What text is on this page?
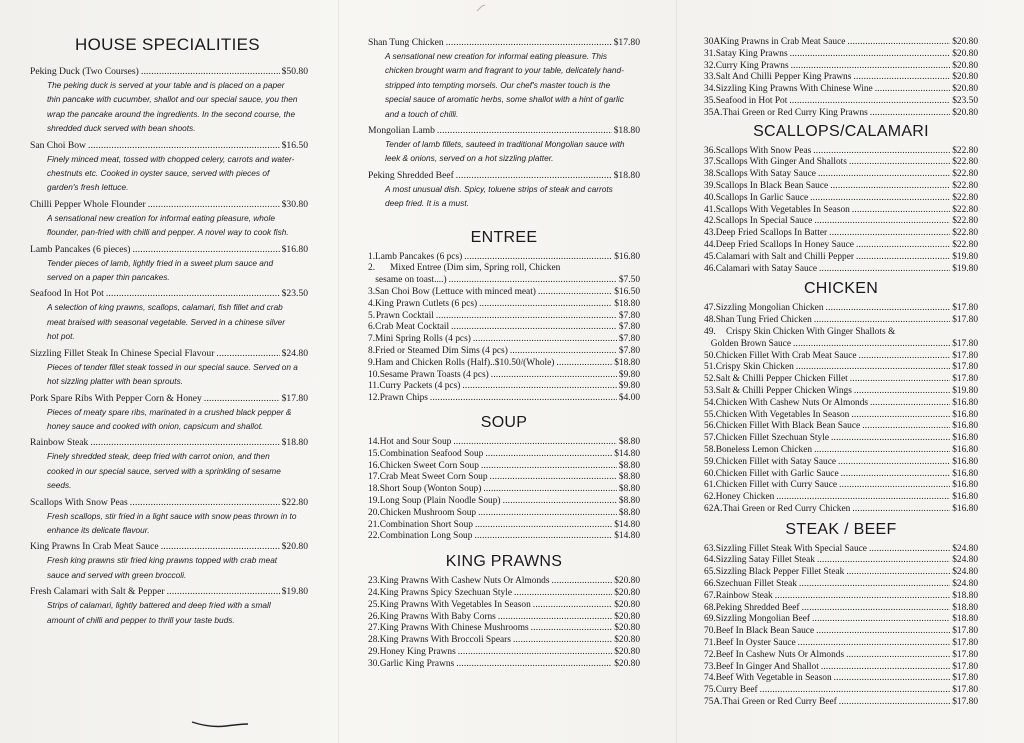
HOUSE SPECIALITIES
Peking Duck (Two Courses) .....	$50.80
The peking duck is served at your table and is placed on a paper thin pancake with cucumber, shallot and our special sauce, you then wrap the pancake around the ingredients. In the second course, the shredded duck served with bean shoots.
San Choi Bow .....	$16.50
Finely minced meat, tossed with chopped celery, carrots and water-chestnuts etc. Cooked in oyster sauce, served with pieces of garden's fresh lettuce.
Chilli Pepper Whole Flounder .....	$30.80
A sensational new creation for informal eating pleasure, whole flounder, pan-fried with chilli and pepper. A novel way to cook fish.
Lamb Pancakes (6 pieces) .....	$16.80
Tender pieces of lamb, lightly fried in a sweet plum sauce and served on a paper thin pancakes.
Seafood In Hot Pot .....	$23.50
A selection of king prawns, scallops, calamari, fish fillet and crab meat braised with seasonal vegetable. Served in a chinese silver hot pot.
Sizzling Fillet Steak In Chinese Special Flavour .....	$24.80
Pieces of tender fillet steak tossed in our special sauce. Served on a hot sizzling platter with bean sprouts.
Pork Spare Ribs With Pepper Corn & Honey .....	$17.80
Pieces of meaty spare ribs, marinated in a crushed black pepper & honey sauce and cooked with onion, capsicum and shallot.
Rainbow Steak .....	$18.80
Finely shredded steak, deep fried with carrot onion, and then cooked in our special sauce, served with a sprinkling of sesame seeds.
Scallops With Snow Peas .....	$22.80
Fresh scallops, stir fried in a light sauce with snow peas thrown in to enhance its delicate flavour.
King Prawns In Crab Meat Sauce .....	$20.80
Fresh king prawns stir fried king prawns topped with crab meat sauce and served with green broccoli.
Fresh Calamari with Salt & Pepper .....	$19.80
Strips of calamari, lightly battered and deep fried with a small amount of chilli and pepper to thrill your taste buds.
Shan Tung Chicken .....	$17.80
A sensational new creation for informal eating pleasure. This chicken brought warm and fragrant to your table, delicately hand-stripped into tempting morsels. Our chef's master touch is the special sauce of aromatic herbs, some shallot with a hint of garlic and a touch of chilli.
Mongolian Lamb .....	$18.80
Tender of lamb fillets, sauteed in traditional Mongolian sauce with leek & onions, served on a hot sizzling platter.
Peking Shredded Beef .....	$18.80
A most unusual dish. Spicy, toluene strips of steak and carrots deep fried. It is a must.
ENTREE
1. Lamb Pancakes (6 pcs) .....	$16.80
2.	Mixed Entree (Dim sim, Spring roll, Chicken
sesame on toast....) .....	$7.50
3. San Choi Bow (Lettuce with minced meat) .....	$16.50
4. King Prawn Cutlets (6 pcs) .....	$18.80
5. Prawn Cocktail .....	$7.80
6. Crab Meat Cocktail .....	$7.80
7. Mini Spring Rolls (4 pcs) .....	$7.80
8. Fried or Steamed Dim Sims (4 pcs) .....	$7.80
9. Ham and Chicken Rolls (Half)..$10.50/(Whole) .....	$18.80
10. Sesame Prawn Toasts (4 pcs) .....	$9.80
11. Curry Packets (4 pcs) .....	$9.80
12. Prawn Chips .....	$4.00
SOUP
14. Hot and Sour Soup .....	$8.80
15. Combination Seafood Soup .....	$14.80
16. Chicken Sweet Corn Soup .....	$8.80
17. Crab Meat Sweet Corn Soup .....	$8.80
18. Short Soup (Wonton Soup) .....	$8.80
19. Long Soup (Plain Noodle Soup) .....	$8.80
20. Chicken Mushroom Soup .....	$8.80
21. Combination Short Soup .....	$14.80
22. Combination Long Soup .....	$14.80
KING PRAWNS
23. King Prawns With Cashew Nuts Or Almonds .....	$20.80
24. King Prawns Spicy Szechuan Style .....	$20.80
25. King Prawns With Vegetables In Season .....	$20.80
26. King Prawns With Baby Corns .....	$20.80
27. King Prawns With Chinese Mushrooms .....	$20.80
28. King Prawns With Broccoli Spears .....	$20.80
29. Honey King Prawns .....	$20.80
30. Garlic King Prawns .....	$20.80
30A King Prawns in Crab Meat Sauce .....	$20.80
31. Satay King Prawns .....	$20.80
32. Curry King Prawns .....	$20.80
33. Salt And Chilli Pepper King Prawns .....	$20.80
34. Sizzling King Prawns With Chinese Wine .....	$20.80
35. Seafood in Hot Pot .....	$23.50
35A. Thai Green or Red Curry King Prawns .....	$20.80
SCALLOPS/CALAMARI
36. Scallops With Snow Peas .....	$22.80
37. Scallops With Ginger And Shallots .....	$22.80
38. Scallops With Satay Sauce .....	$22.80
39. Scallops In Black Bean Sauce .....	$22.80
40. Scallops In Garlic Sauce .....	$22.80
41. Scallops With Vegetables In Season .....	$22.80
42. Scallops In Special Sauce .....	$22.80
43. Deep Fried Scallops In Batter .....	$22.80
44. Deep Fried Scallops In Honey Sauce .....	$22.80
45. Calamari with Salt and Chilli Pepper .....	$19.80
46. Calamari with Satay Sauce .....	$19.80
CHICKEN
47. Sizzling Mongolian Chicken .....	$17.80
48. Shan Tung Fried Chicken .....	$17.80
49.	Crispy Skin Chicken With Ginger Shallots &
Golden Brown Sauce .....	$17.80
50. Chicken Fillet With Crab Meat Sauce .....	$17.80
51. Crispy Skin Chicken .....	$17.80
52. Salt & Chilli Pepper Chicken Fillet .....	$17.80
53. Salt & Chilli Pepper Chicken Wings .....	$19.80
54. Chicken With Cashew Nuts Or Almonds .....	$16.80
55. Chicken With Vegetables In Season .....	$16.80
56. Chicken Fillet With Black Bean Sauce .....	$16.80
57. Chicken Fillet Szechuan Style .....	$16.80
58. Boneless Lemon Chicken .....	$16.80
59. Chicken Fillet with Satay Sauce .....	$16.80
60. Chicken Fillet with Garlic Sauce .....	$16.80
61. Chicken Fillet with Curry Sauce .....	$16.80
62. Honey Chicken .....	$16.80
62A. Thai Green or Red Curry Chicken .....	$16.80
STEAK / BEEF
63. Sizzling Fillet Steak With Special Sauce .....	$24.80
64. Sizzling Satay Fillet Steak .....	$24.80
65. Sizzling Black Pepper Fillet Steak .....	$24.80
66. Szechuan Fillet Steak .....	$24.80
67. Rainbow Steak .....	$18.80
68. Peking Shredded Beef .....	$18.80
69. Sizzling Mongolian Beef .....	$18.80
70. Beef In Black Bean Sauce .....	$17.80
71. Beef In Oyster Sauce .....	$17.80
72. Beef In Cashew Nuts Or Almonds .....	$17.80
73. Beef In Ginger And Shallot .....	$17.80
74. Beef With Vegetable in Season .....	$17.80
75. Curry Beef .....	$17.80
75A. Thai Green or Red Curry Beef .....	$17.80
